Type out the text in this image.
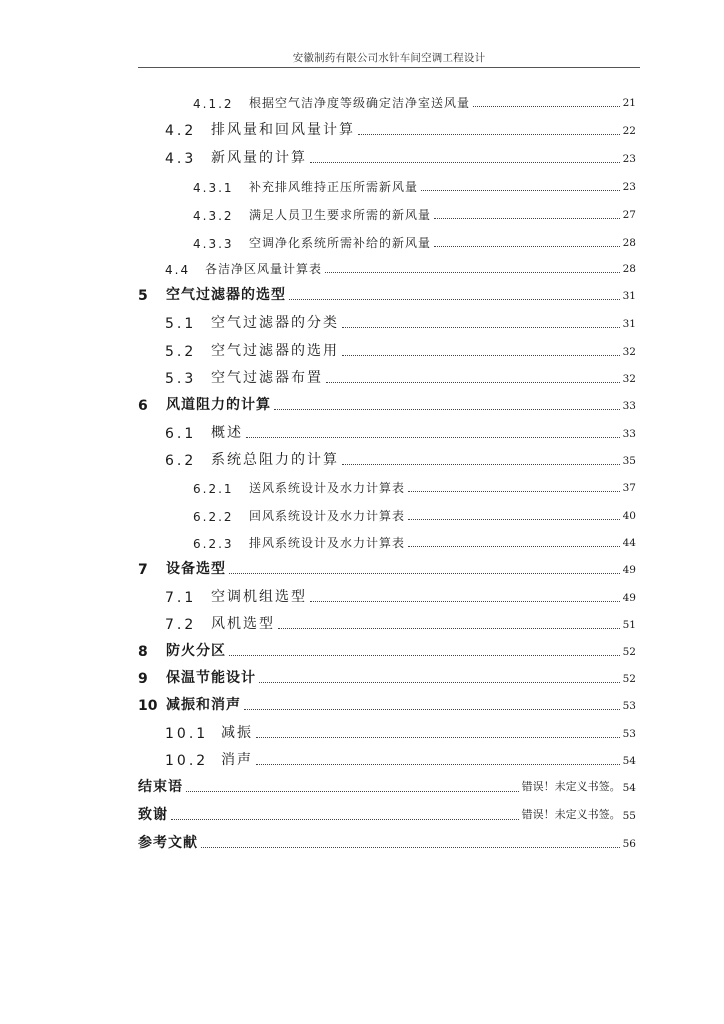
安徽制药有限公司水针车间空调工程设计
4.1.2	根据空气洁净度等级确定洁净室送风量	21
4.2	排风量和回风量计算	22
4.3	新风量的计算	23
4.3.1	补充排风维持正压所需新风量	23
4.3.2	满足人员卫生要求所需的新风量	27
4.3.3	空调净化系统所需补给的新风量	28
4.4	各洁净区风量计算表	28
5	空气过滤器的选型	31
5.1	空气过滤器的分类	31
5.2	空气过滤器的选用	32
5.3	空气过滤器布置	32
6	风道阻力的计算	33
6.1	概述	33
6.2	系统总阻力的计算	35
6.2.1	送风系统设计及水力计算表	37
6.2.2	回风系统设计及水力计算表	40
6.2.3	排风系统设计及水力计算表	44
7	设备选型	49
7.1	空调机组选型	49
7.2	风机选型	51
8	防火分区	52
9	保温节能设计	52
10 减振和消声	53
10.1 减振	53
10.2 消声	54
结束语	错误！未定义书签。 54
致谢	错误！未定义书签。 55
参考文献	56
